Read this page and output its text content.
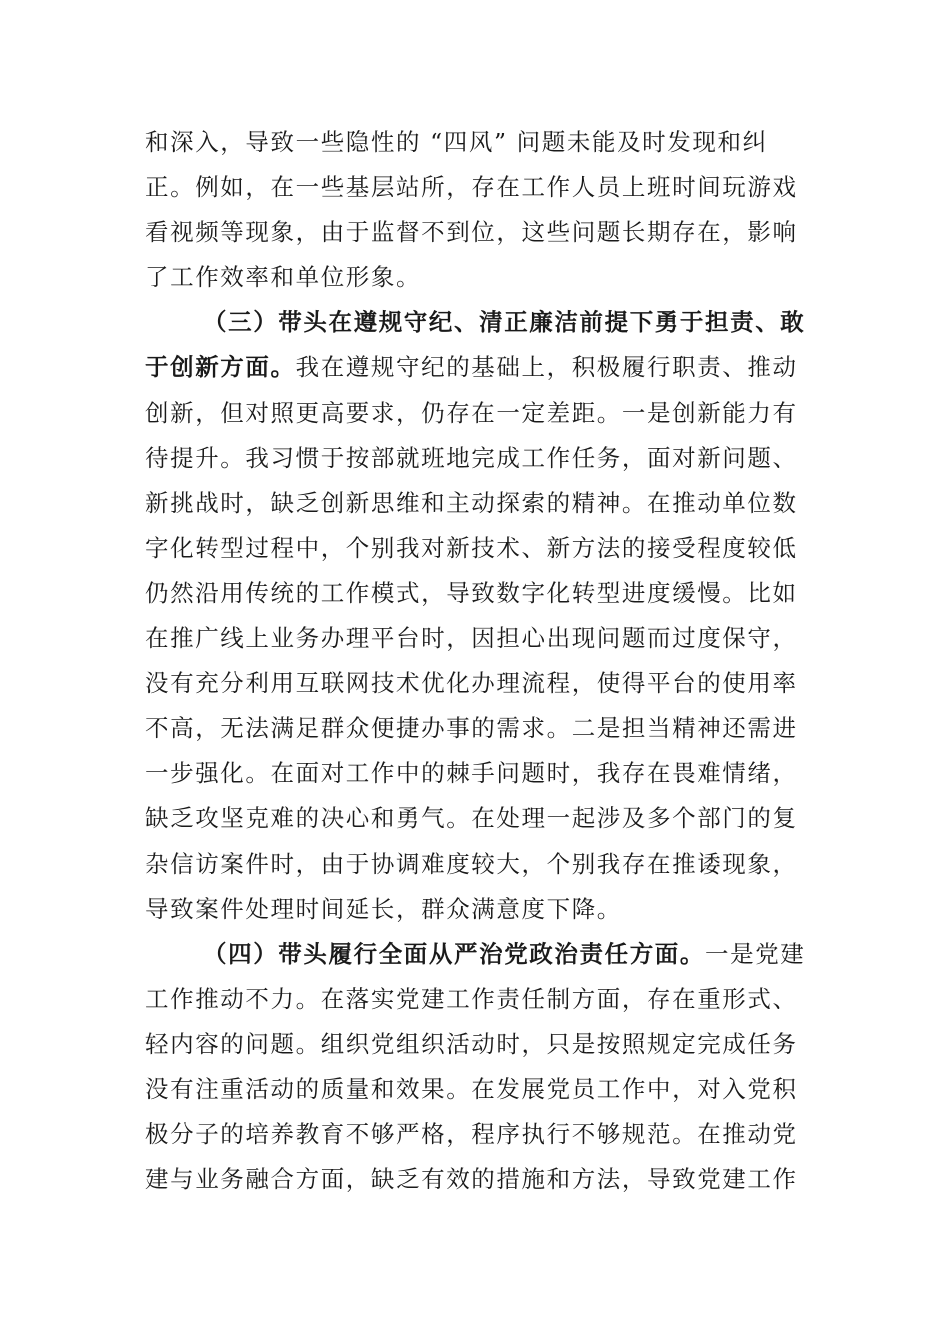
和深入，导致一些隐性的 “四风” 问题未能及时发现和纠
正。例如，在一些基层站所，存在工作人员上班时间玩游戏
看视频等现象，由于监督不到位，这些问题长期存在，影响
了工作效率和单位形象。
（三）带头在遵规守纪、清正廉洁前提下勇于担责、敢
于创新方面。我在遵规守纪的基础上，积极履行职责、推动
创新，但对照更高要求，仍存在一定差距。一是创新能力有
待提升。我习惯于按部就班地完成工作任务，面对新问题、
新挑战时，缺乏创新思维和主动探索的精神。在推动单位数
字化转型过程中，个别我对新技术、新方法的接受程度较低
仍然沿用传统的工作模式，导致数字化转型进度缓慢。比如
在推广线上业务办理平台时，因担心出现问题而过度保守，
没有充分利用互联网技术优化办理流程，使得平台的使用率
不高，无法满足群众便捷办事的需求。二是担当精神还需进
一步强化。在面对工作中的棘手问题时，我存在畏难情绪，
缺乏攻坚克难的决心和勇气。在处理一起涉及多个部门的复
杂信访案件时，由于协调难度较大，个别我存在推诿现象，
导致案件处理时间延长，群众满意度下降。
（四）带头履行全面从严治党政治责任方面。一是党建
工作推动不力。在落实党建工作责任制方面，存在重形式、
轻内容的问题。组织党组织活动时，只是按照规定完成任务
没有注重活动的质量和效果。在发展党员工作中，对入党积
极分子的培养教育不够严格，程序执行不够规范。在推动党
建与业务融合方面，缺乏有效的措施和方法，导致党建工作
